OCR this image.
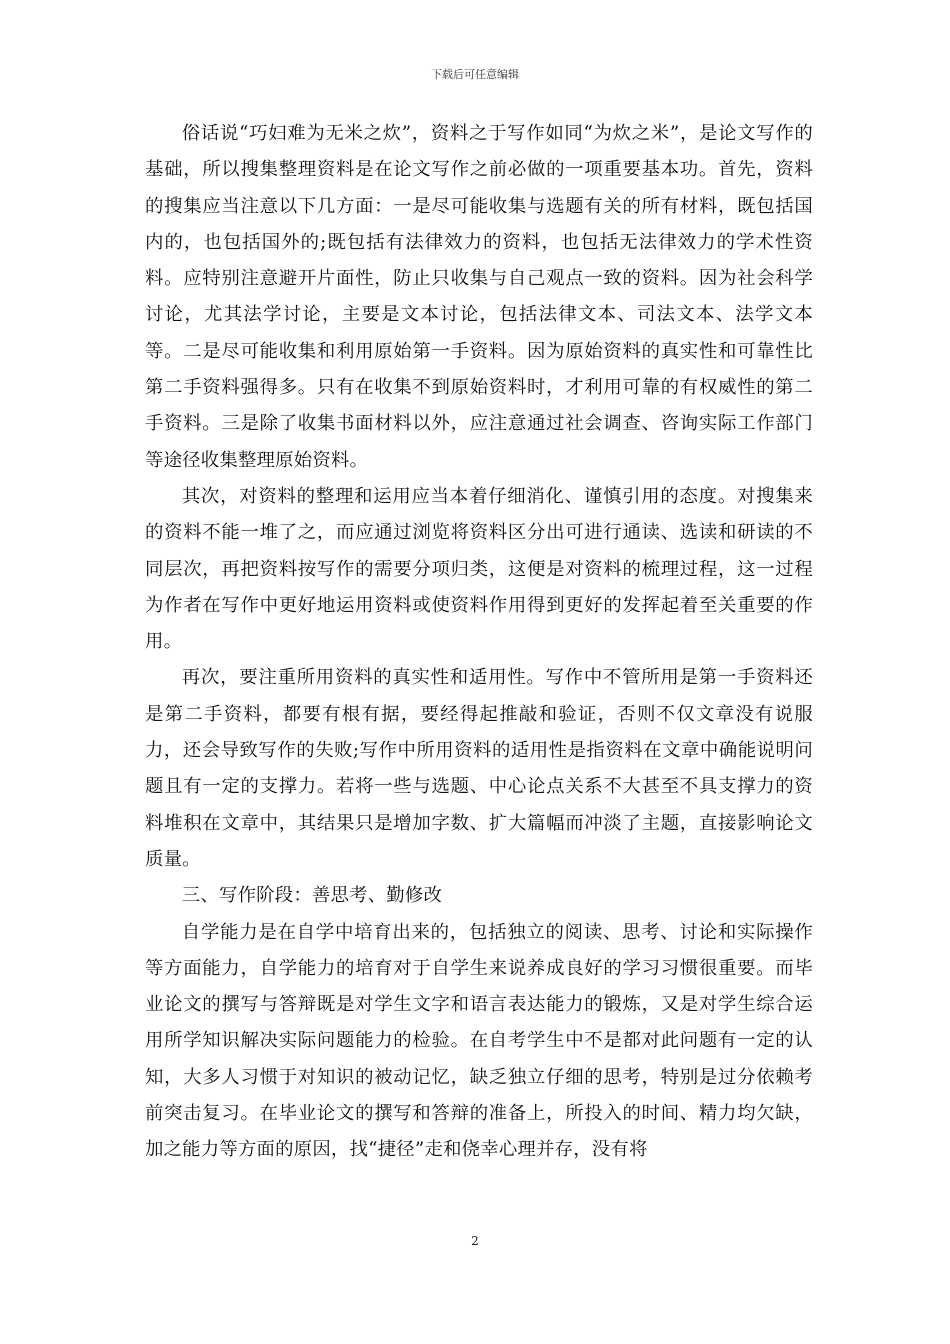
下载后可任意编辑

俗话说“巧妇难为无米之炊”，资料之于写作如同“为炊之米”，是论文写作的基础，所以搜集整理资料是在论文写作之前必做的一项重要基本功。首先，资料的搜集应当注意以下几方面：一是尽可能收集与选题有关的所有材料，既包括国内的，也包括国外的;既包括有法律效力的资料，也包括无法律效力的学术性资料。应特别注意避开片面性，防止只收集与自己观点一致的资料。因为社会科学讨论，尤其法学讨论，主要是文本讨论，包括法律文本、司法文本、法学文本等。二是尽可能收集和利用原始第一手资料。因为原始资料的真实性和可靠性比第二手资料强得多。只有在收集不到原始资料时，才利用可靠的有权威性的第二手资料。三是除了收集书面材料以外，应注意通过社会调查、咨询实际工作部门等途径收集整理原始资料。

其次，对资料的整理和运用应当本着仔细消化、谨慎引用的态度。对搜集来的资料不能一堆了之，而应通过浏览将资料区分出可进行通读、选读和研读的不同层次，再把资料按写作的需要分项归类，这便是对资料的梳理过程，这一过程为作者在写作中更好地运用资料或使资料作用得到更好的发挥起着至关重要的作用。

再次，要注重所用资料的真实性和适用性。写作中不管所用是第一手资料还是第二手资料，都要有根有据，要经得起推敲和验证，否则不仅文章没有说服力，还会导致写作的失败;写作中所用资料的适用性是指资料在文章中确能说明问题且有一定的支撑力。若将一些与选题、中心论点关系不大甚至不具支撑力的资料堆积在文章中，其结果只是增加字数、扩大篇幅而冲淡了主题，直接影响论文质量。

三、写作阶段：善思考、勤修改

自学能力是在自学中培育出来的，包括独立的阅读、思考、讨论和实际操作等方面能力，自学能力的培育对于自学生来说养成良好的学习习惯很重要。而毕业论文的撰写与答辩既是对学生文字和语言表达能力的锻炼，又是对学生综合运用所学知识解决实际问题能力的检验。在自考学生中不是都对此问题有一定的认知，大多人习惯于对知识的被动记忆，缺乏独立仔细的思考，特别是过分依赖考前突击复习。在毕业论文的撰写和答辩的准备上，所投入的时间、精力均欠缺，加之能力等方面的原因，找“捷径”走和侥幸心理并存，没有将

2
